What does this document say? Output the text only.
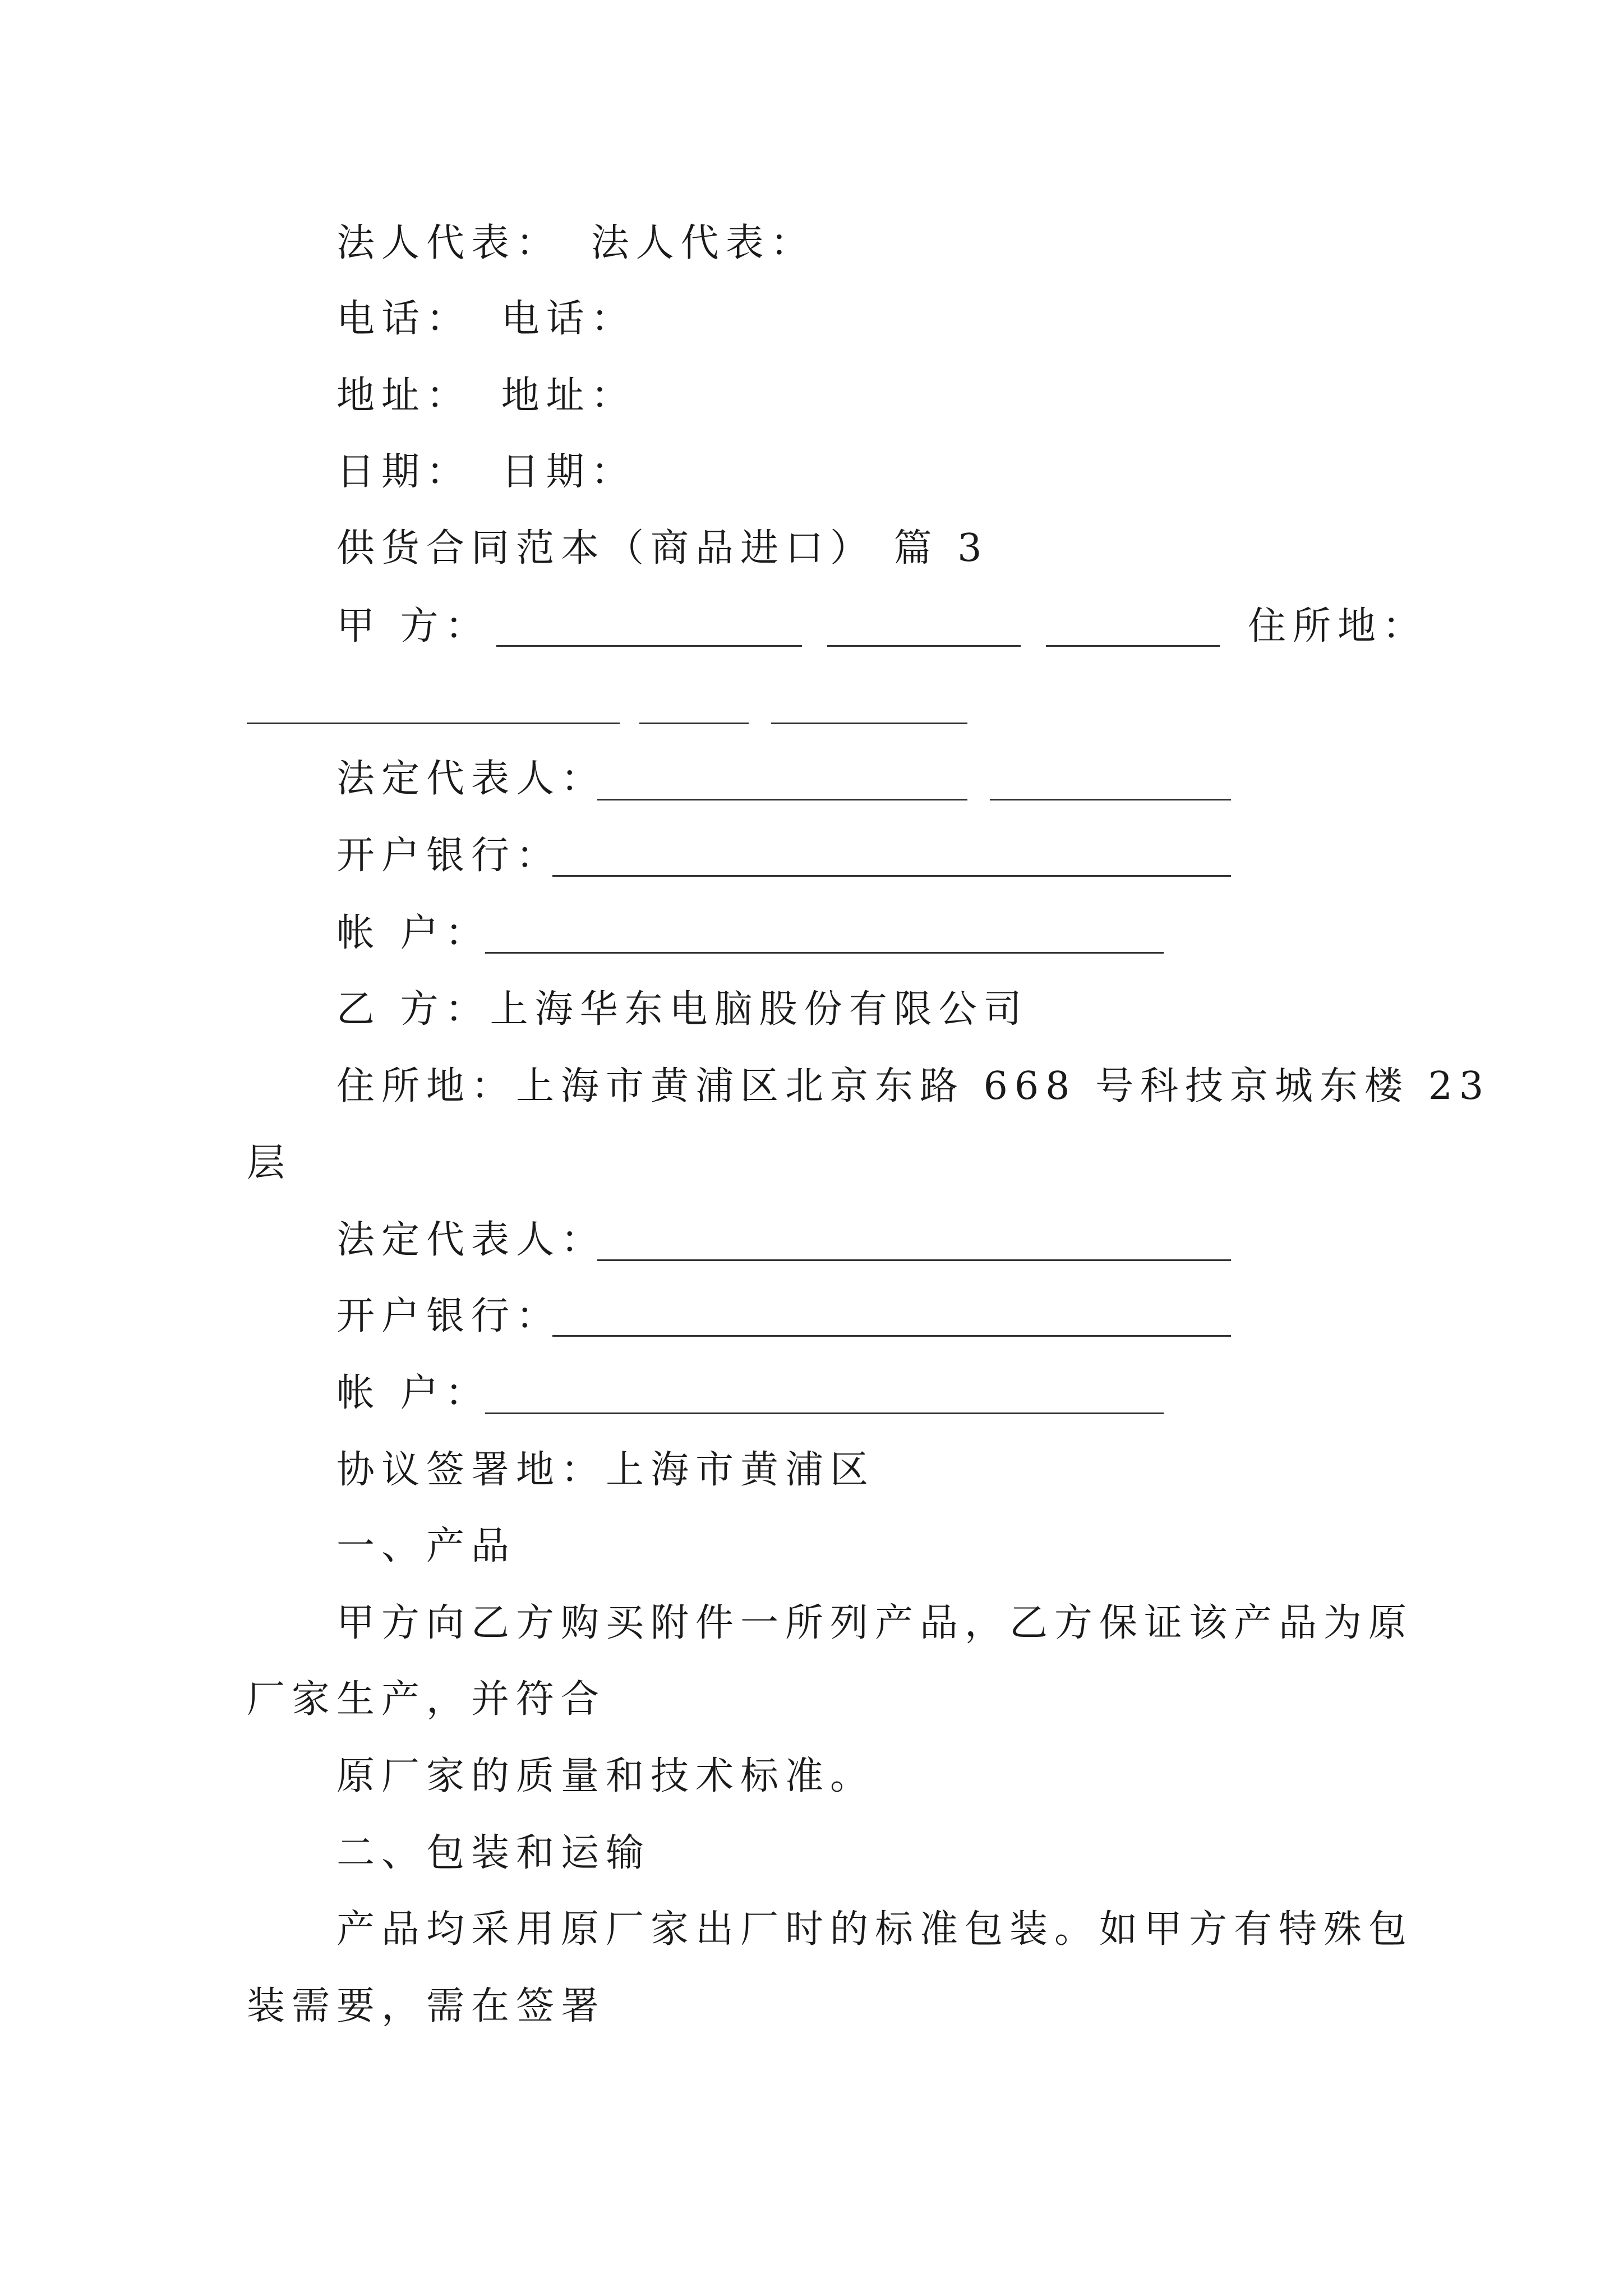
法人代表： 法人代表：
电话： 电话：
地址： 地址：
日期： 日期：
供货合同范本（商品进口） 篇 3
甲 方：	住所地：
法定代表人：
开户银行：
帐 户：
乙 方：上海华东电脑股份有限公司
住所地：上海市黄浦区北京东路 668 号科技京城东楼 23
层
法定代表人：
开户银行：
帐 户：
协议签署地：上海市黄浦区
一、产品
甲方向乙方购买附件一所列产品，乙方保证该产品为原
厂家生产，并符合
原厂家的质量和技术标准。
二、包装和运输
产品均采用原厂家出厂时的标准包装。如甲方有特殊包
装需要，需在签署
